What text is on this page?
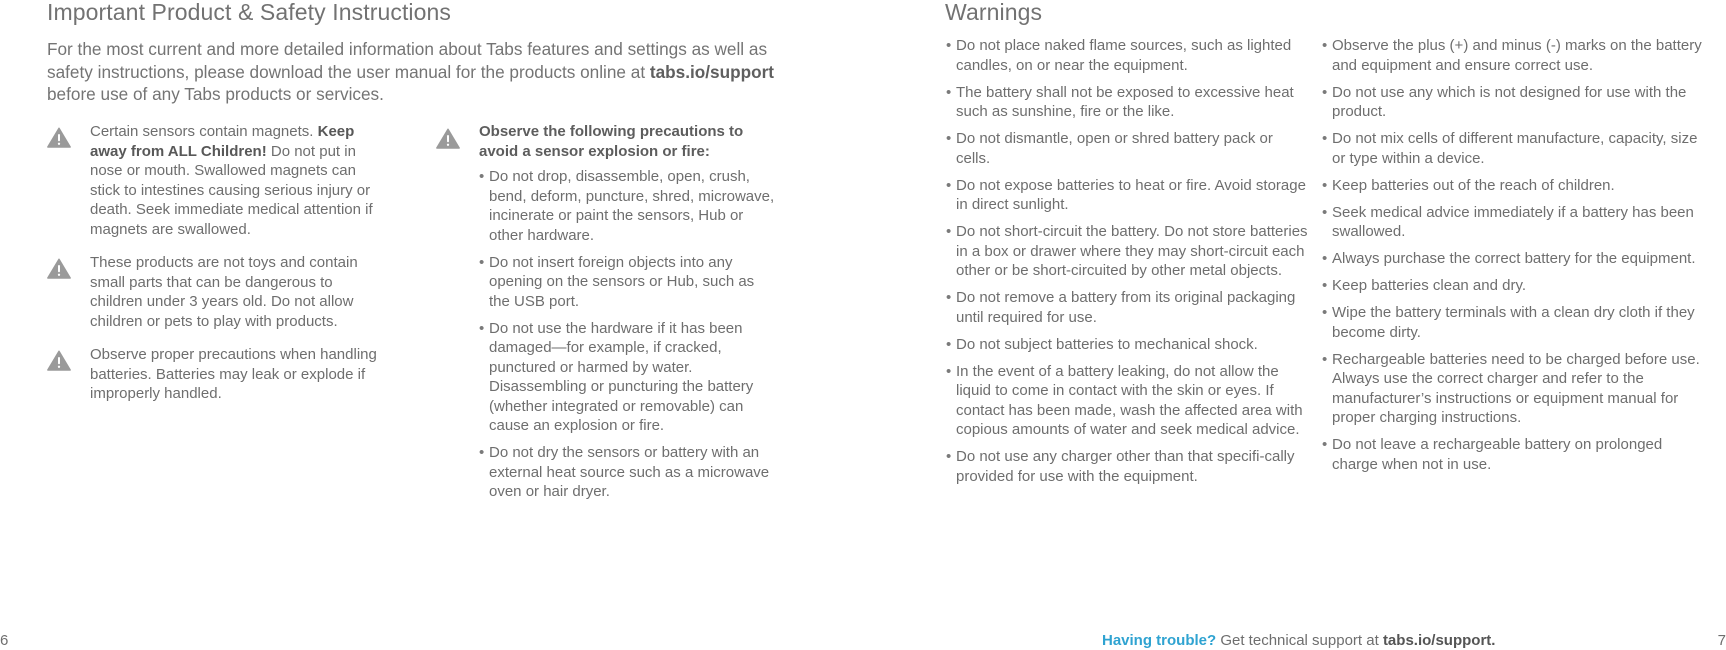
Important Product & Safety Instructions

For the most current and more detailed information about Tabs features and settings as well as safety instructions, please download the user manual for the products online at tabs.io/support before use of any Tabs products or services.

Certain sensors contain magnets. Keep away from ALL Children! Do not put in nose or mouth. Swallowed magnets can stick to intestines causing serious injury or death. Seek immediate medical attention if magnets are swallowed.
These products are not toys and contain small parts that can be dangerous to children under 3 years old. Do not allow children or pets to play with products.
Observe proper precautions when handling batteries. Batteries may leak or explode if improperly handled.

Observe the following precautions to avoid a sensor explosion or fire:

• Do not drop, disassemble, open, crush, bend, deform, puncture, shred, microwave, incinerate or paint the sensors, Hub or other hardware.
• Do not insert foreign objects into any opening on the sensors or Hub, such as the USB port.
• Do not use the hardware if it has been damaged—for example, if cracked, punctured or harmed by water. Disassembling or puncturing the battery (whether integrated or removable) can cause an explosion or fire.
• Do not dry the sensors or battery with an external heat source such as a microwave oven or hair dryer.
6
Warnings
• Do not place naked flame sources, such as lighted candles, on or near the equipment.
• The battery shall not be exposed to excessive heat such as sunshine, fire or the like.
• Do not dismantle, open or shred battery pack or cells.
• Do not expose batteries to heat or fire. Avoid storage in direct sunlight.
• Do not short-circuit the battery. Do not store batteries in a box or drawer where they may short-circuit each other or be short-circuited by other metal objects.
• Do not remove a battery from its original packaging until required for use.
• Do not subject batteries to mechanical shock.
• In the event of a battery leaking, do not allow the liquid to come in contact with the skin or eyes. If contact has been made, wash the affected area with copious amounts of water and seek medical advice.
• Do not use any charger other than that specifi-cally provided for use with the equipment.
• Observe the plus (+) and minus (-) marks on the battery and equipment and ensure correct use.
• Do not use any which is not designed for use with the product.
• Do not mix cells of different manufacture, capacity, size or type within a device.
• Keep batteries out of the reach of children.
• Seek medical advice immediately if a battery has been swallowed.
• Always purchase the correct battery for the equipment.
• Keep batteries clean and dry.
• Wipe the battery terminals with a clean dry cloth if they become dirty.
• Rechargeable batteries need to be charged before use. Always use the correct charger and refer to the manufacturer’s instructions or equipment manual for proper charging instructions.
• Do not leave a rechargeable battery on prolonged charge when not in use.
Having trouble? Get technical support at tabs.io/support.	7
